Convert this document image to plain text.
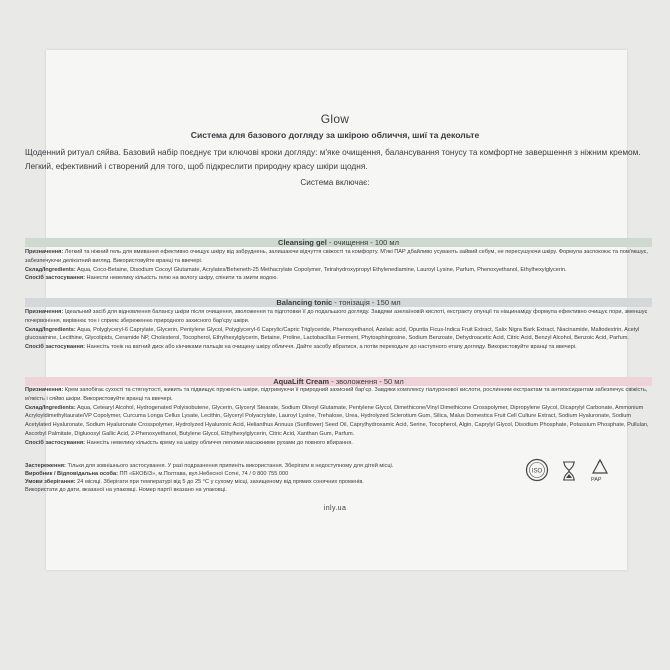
Glow
Система для базового догляду за шкірою обличчя, шиї та декольте
Щоденний ритуал сяйва. Базовий набір поєднує три ключові кроки догляду: м'яке очищення, балансування тонусу та комфортне завершення з ніжним кремом. Легкий, ефективний і створений для того, щоб підкреслити природну красу шкіри щодня.
Система включає:
Cleansing gel - очищення - 100 мл

Призначення: Легкий та ніжний гель для вмивання ефективно очищує шкіру від забруднень, залишаючи відчуття свіжості та комфорту. М'які ПАР дбайливо усувають зайвий себум, не пересушуючи шкіру. Формула заспокоює та пом'якшує, забезпечуючи делікатний вигляд. Використовуйте вранці та ввечері.

Склад/Ingredients: Aqua, Coco-Betaine, Disodium Cocoyl Glutamate, Acrylates/Beheneth-25 Methacrylate Copolymer, Tetrahydroxypropyl Ethylenediamine, Lauroyl Lysine, Parfum, Phenoxyethanol, Ethylhexylglycerin.

Спосіб застосування: Нанести невелику кількість гелю на вологу шкіру, спінити та змити водою.

Balancing tonic - тонізація - 150 мл

Призначення: Ідеальний засіб для відновлення балансу шкіри після очищення, зволоження та підготовки її до подальшого догляду. Завдяки азелаїновій кислоті, екстракту опунції та ніацинаміду формула ефективно очищує пори, зменшує почервоніння, вирівнює тон і сприяє збереженню природного захисного бар'єру шкіри.

Склад/Ingredients: Aqua, Polyglyceryl-6 Caprylate, Glycerin, Pentylene Glycol, Polyglyceryl-6 Caprylic/Capric Triglyceride, Phenoxyethanol, Azelaic acid, Opuntia Ficus-Indica Fruit Extract, Salix Nigra Bark Extract, Niacinamide, Maltodextrin, Acetyl glucosamine, Lecithine, Glycolipids, Ceramide NP, Cholesterol, Tocopherol, Ethylhexylglycerin, Betaine, Proline, Lactobacillus Ferment, Phytosphingosine, Sodium Benzoate, Dehydroacetic Acid, Citric Acid, Benzyl Alcohol, Benzoic Acid, Parfum.

Спосіб застосування: Нанесіть тонік на ватний диск або кінчиками пальців на очищену шкіру обличчя. Дайте засобу вбратися, а потім переходьте до наступного етапу догляду. Використовуйте вранці та ввечері.

AquaLift Cream - зволоження - 50 мл

Призначення: Крем запобігає сухості та стягнутості, живить та підвищує пружність шкіри, підтримуючи її природний захисний бар'єр. Завдяки комплексу гіалуронової кислоти, рослинним екстрактам та антиоксидантам забезпечує свіжість, м'якість і сяйво шкіри. Використовуйте вранці та ввечері.

Склад/Ingredients: Aqua, Cetearyl Alcohol, Hydrogenated Polyisobutene, Glycerin, Glyceryl Stearate, Sodium Olivoyl Glutamate, Pentylene Glycol, Dimethicone/Vinyl Dimethicone Crosspolymer, Dipropylene Glycol, Dicaprylyl Carbonate, Ammonium Acryloyldimethyltaurate/VP Copolymer, Curcuma Longa Cellus Lysate, Lecithin, Glyceryl Polyacrylate, Lauroyl Lysine, Trehalose, Urea, Hydrolyzed Sclerotium Gum, Silica, Malus Domestica Fruit Cell Culture Extract, Sodium Hyaluronate, Sodium Acetylated Hyaluronate, Sodium Hyaluronate Crosspolymer, Hydrolyzed Hyaluronic Acid, Helianthus Annuus (Sunflower) Seed Oil, Caprylhydroxamic Acid, Serine, Tocopherol, Algin, Caprylyl Glycol, Disodium Phosphate, Potassium Phosphate, Pullulan, Ascorbyl Palmitate, Digluoosyl Gallic Acid, 2-Phenoxyethanol, Butylene Glycol, Ethylhexylglycerin, Citric Acid, Xanthan Gum, Parfum.

Спосіб застосування: Нанесіть невелику кількість крему на шкіру обличчя легкими масажними рухами до повного вбирання.

Застереження: Тільки для зовнішнього застосування. У разі подразнення припиніть використання. Зберігати в недоступному для дітей місці.

Виробник / Відповідальна особа: ПП «ЕКОБІЗ», м.Полтава, вул.Небесної Сотні, 74 / 0 800 755 000

Умови зберігання: 24 місяці. Зберігати при температурі від 5 до 25 °С у сухому місці, захищеному від прямих сонячних променів.

Використати до дати, вказаної на упаковці. Номер партії вказано на упаковці.

ISO
PAP
inly.ua
